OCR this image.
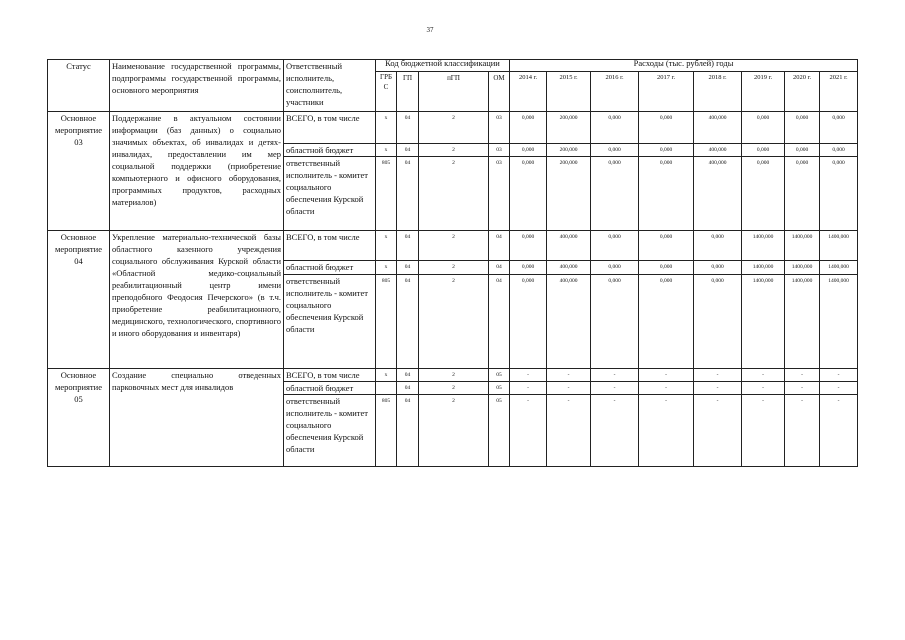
37
Статус	Наименование государственной программы, подпрограммы государственной программы, основного мероприятия	Ответственный исполнитель, соисполнитель, участники	Код бюджетной классификации				Расходы (тыс. рублей) годы							
			ГРБС	ГП	пГП	ОМ	2014 г.	2015 г.	2016 г.	2017 г.	2018 г.	2019 г.	2020 г.	2021 г.
Основное мероприятие 03	Поддержание в актуальном состоянии информации (баз данных) о социально значимых объектах, об инвалидах и детях-инвалидах, предоставлении им мер социальной поддержки (приобретение компьютерного и офисного оборудования, программных продуктов, расходных материалов)	ВСЕГО, в том числе	x	04	2	03	0,000	200,000	0,000	0,000	400,000	0,000	0,000	0,000
		областной бюджет	x	04	2	03	0,000	200,000	0,000	0,000	400,000	0,000	0,000	0,000
		ответственный исполнитель - комитет социального обеспечения Курской области	805	04	2	03	0,000	200,000	0,000	0,000	400,000	0,000	0,000	0,000
Основное мероприятие 04	Укрепление материально-технической базы областного казенного учреждения социального обслуживания Курской области «Областной медико-социальный реабилитационный центр имени преподобного Феодосия Печерского» (в т.ч. приобретение реабилитационного, медицинского, технологического, спортивного и иного оборудования и инвентаря)	ВСЕГО, в том числе	x	04	2	04	0,000	400,000	0,000	0,000	0,000	1400,000	1400,000	1400,000
		областной бюджет	x	04	2	04	0,000	400,000	0,000	0,000	0,000	1400,000	1400,000	1400,000
		ответственный исполнитель - комитет социального обеспечения Курской области	805	04	2	04	0,000	400,000	0,000	0,000	0,000	1400,000	1400,000	1400,000
Основное мероприятие 05	Создание специально отведенных парковочных мест для инвалидов	ВСЕГО, в том числе	x	04	2	05	-	-	-	-	-	-	-	-
		областной бюджет		04	2	05	-	-	-	-	-	-	-	-
		ответственный исполнитель - комитет социального обеспечения Курской области	805	04	2	05	-	-	-	-	-	-	-	-
